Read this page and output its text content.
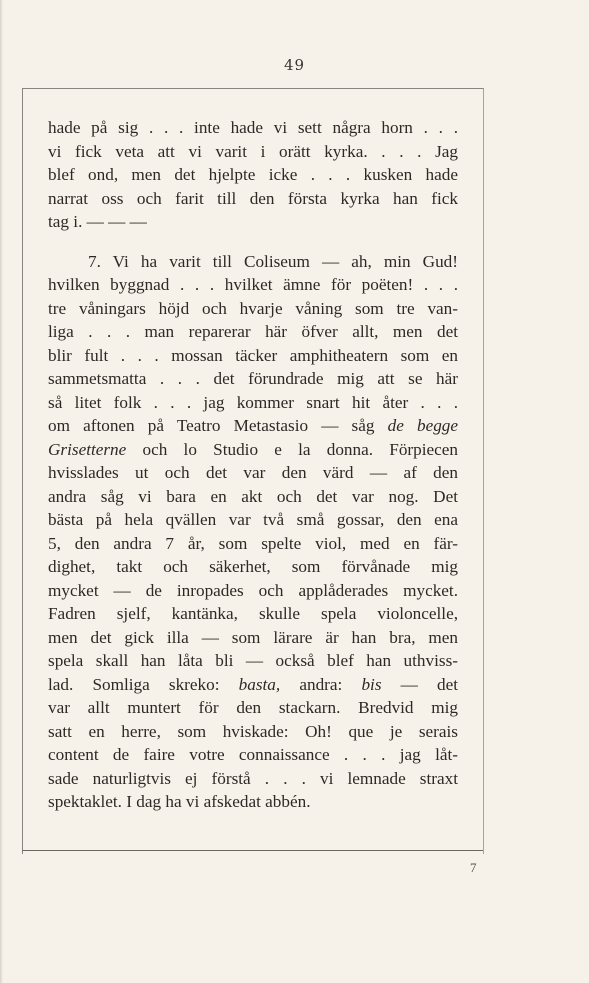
49
hade på sig . . . inte hade vi sett några horn . . .
vi fick veta att vi varit i orätt kyrka. . . . Jag
blef ond, men det hjelpte icke . . . kusken hade
narrat oss och farit till den första kyrka han fick
tag i. — — —
7. Vi ha varit till Coliseum — ah, min Gud!
hvilken byggnad . . . hvilket ämne för poëten! . . .
tre våningars höjd och hvarje våning som tre van-
liga . . . man reparerar här öfver allt, men det
blir fult . . . mossan täcker amphitheatern som en
sammetsmatta . . . det förundrade mig att se här
så litet folk . . . jag kommer snart hit åter . . .
om aftonen på Teatro Metastasio — såg de begge
Grisetterne och lo Studio e la donna. Förpiecen
hvisslades ut och det var den värd — af den
andra såg vi bara en akt och det var nog. Det
bästa på hela qvällen var två små gossar, den ena
5, den andra 7 år, som spelte viol, med en fär-
dighet, takt och säkerhet, som förvånade mig
mycket — de inropades och applåderades mycket.
Fadren sjelf, kantänka, skulle spela violoncelle,
men det gick illa — som lärare är han bra, men
spela skall han låta bli — också blef han uthviss-
lad. Somliga skreko: basta, andra: bis — det
var allt muntert för den stackarn. Bredvid mig
satt en herre, som hviskade: Oh! que je serais
content de faire votre connaissance . . . jag låt-
sade naturligtvis ej förstå . . . vi lemnade straxt
spektaklet. I dag ha vi afskedat abbén.
7
